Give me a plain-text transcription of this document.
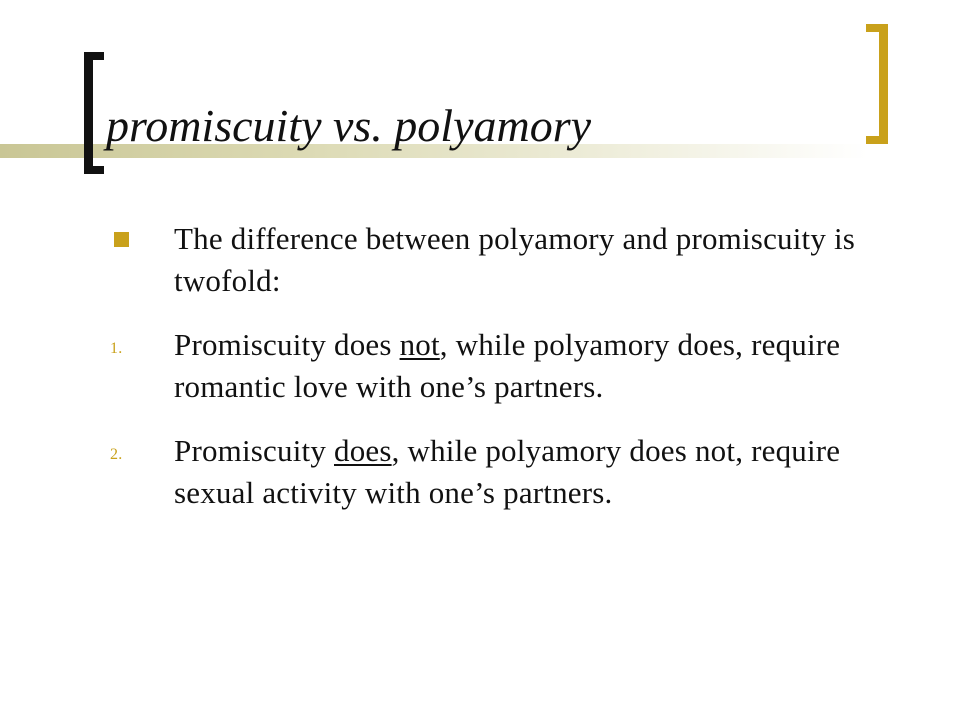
promiscuity vs. polyamory
The difference between polyamory and promiscuity is twofold:
1. Promiscuity does not, while polyamory does, require romantic love with one’s partners.
2. Promiscuity does, while polyamory does not, require sexual activity with one’s partners.
